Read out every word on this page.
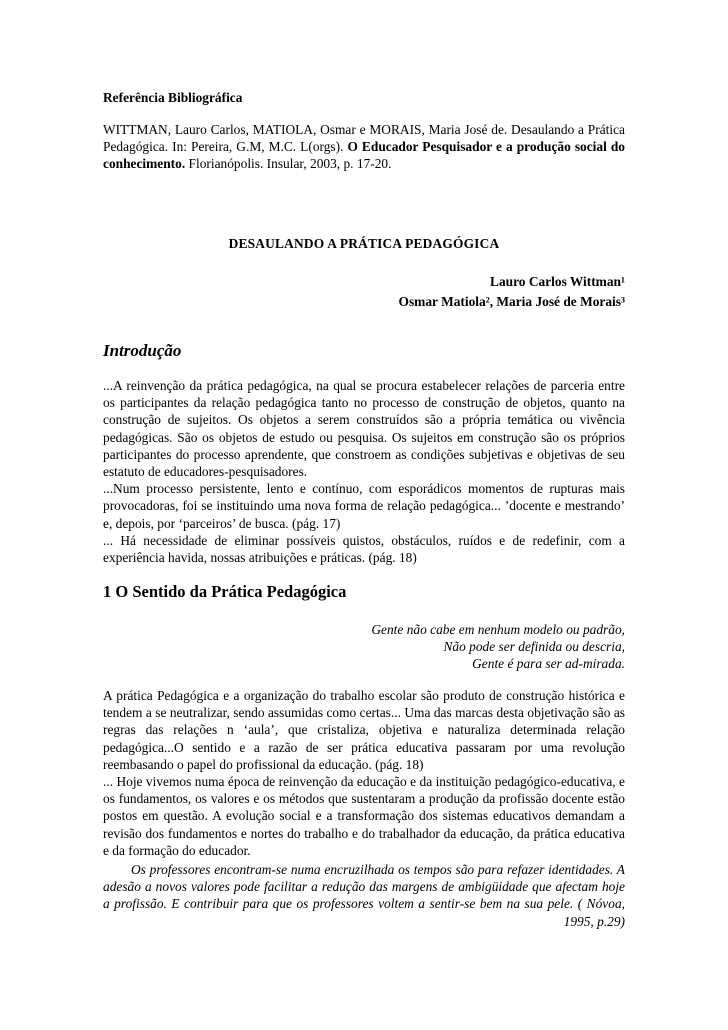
Referência Bibliográfica

WITTMAN, Lauro Carlos, MATIOLA, Osmar e MORAIS, Maria José de. Desaulando a Prática Pedagógica. In: Pereira, G.M, M.C. L(orgs). O Educador Pesquisador e a produção social do conhecimento. Florianópolis. Insular, 2003, p. 17-20.

DESAULANDO A PRÁTICA PEDAGÓGICA
Lauro Carlos Wittman¹
Osmar Matiola², Maria José de Morais³
Introdução

...A reinvenção da prática pedagógica, na qual se procura estabelecer relações de parceria entre os participantes da relação pedagógica tanto no processo de construção de objetos, quanto na construção de sujeitos. Os objetos a serem construídos são a própria temática ou vivência pedagógicas. São os objetos de estudo ou pesquisa. Os sujeitos em construção são os próprios participantes do processo aprendente, que constroem as condições subjetivas e objetivas de seu estatuto de educadores-pesquisadores.

...Num processo persistente, lento e contínuo, com esporádicos momentos de rupturas mais provocadoras, foi se instituindo uma nova forma de relação pedagógica... ’docente e mestrando’ e, depois, por ‘parceiros’ de busca. (pág. 17)

... Há necessidade de eliminar possíveis quistos, obstáculos, ruídos e de redefinir, com a experiência havida, nossas atribuições e práticas. (pág. 18)

1 O Sentido da Prática Pedagógica
Gente não cabe em nenhum modelo ou padrão,
Não pode ser definida ou descria,
Gente é para ser ad-mirada.

A prática Pedagógica e a organização do trabalho escolar são produto de construção histórica e tendem a se neutralizar, sendo assumidas como certas... Uma das marcas desta objetivação são as regras das relações n ‘aula’, que cristaliza, objetiva e naturaliza determinada relação pedagógica...O sentido e a razão de ser prática educativa passaram por uma revolução reembasando o papel do profissional da educação. (pág. 18)

... Hoje vivemos numa época de reinvenção da educação e da instituição pedagógico-educativa, e os fundamentos, os valores e os métodos que sustentaram a produção da profissão docente estão postos em questão. A evolução social e a transformação dos sistemas educativos demandam a revisão dos fundamentos e nortes do trabalho e do trabalhador da educação, da prática educativa e da formação do educador.

Os professores encontram-se numa encruzilhada os tempos são para refazer identidades. A adesão a novos valores pode facilitar a redução das margens de ambigüidade que afectam hoje a profissão. E contribuir para que os professores voltem a sentir-se bem na sua pele. ( Nóvoa, 1995, p.29)
